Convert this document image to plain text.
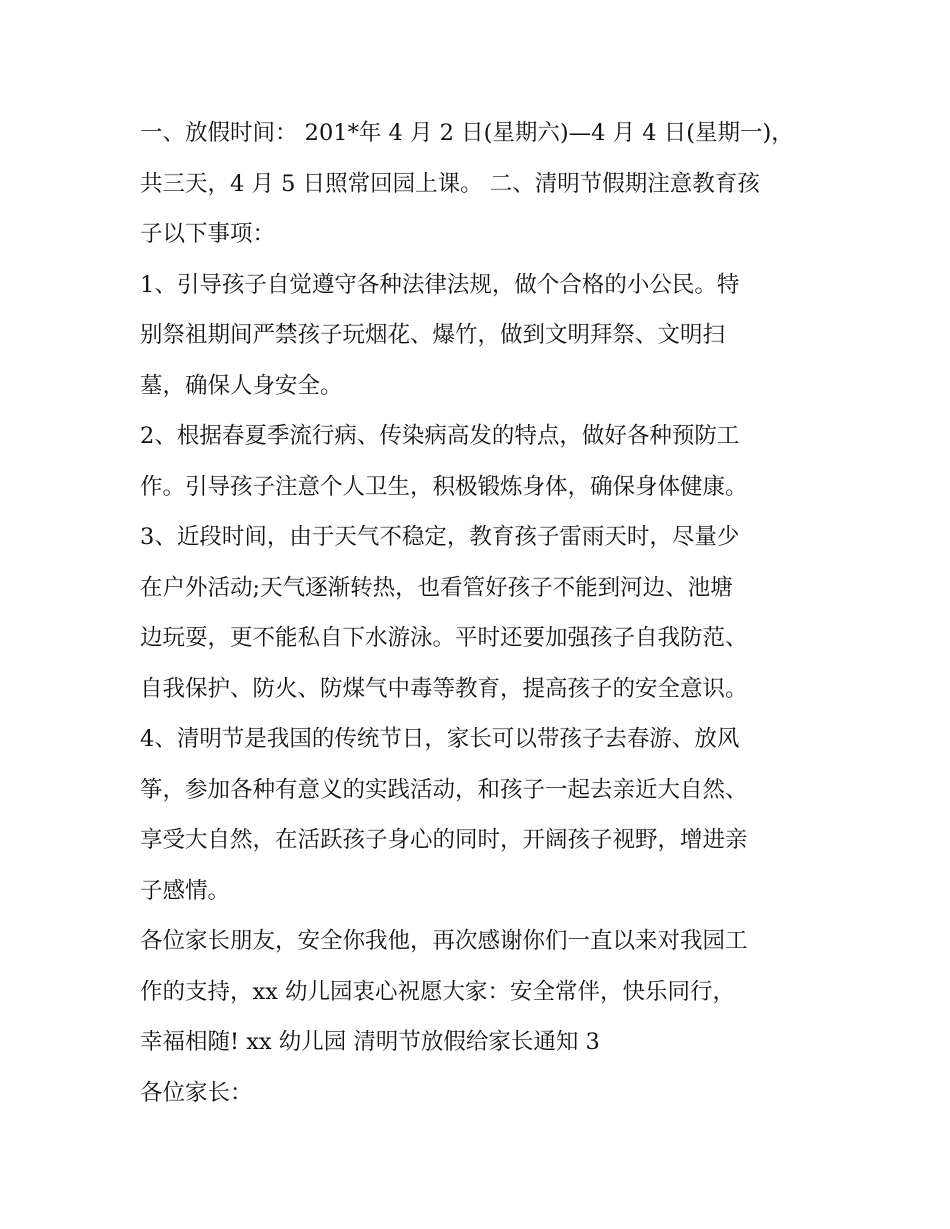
一、放假时间： 201*年 4 月 2 日(星期六)—4 月 4 日(星期一)，
共三天，4 月 5 日照常回园上课。 二、清明节假期注意教育孩
子以下事项：
1、引导孩子自觉遵守各种法律法规，做个合格的小公民。特
别祭祖期间严禁孩子玩烟花、爆竹，做到文明拜祭、文明扫
墓，确保人身安全。
2、根据春夏季流行病、传染病高发的特点，做好各种预防工
作。引导孩子注意个人卫生，积极锻炼身体，确保身体健康。
3、近段时间，由于天气不稳定，教育孩子雷雨天时，尽量少
在户外活动;天气逐渐转热，也看管好孩子不能到河边、池塘
边玩耍，更不能私自下水游泳。平时还要加强孩子自我防范、
自我保护、防火、防煤气中毒等教育，提高孩子的安全意识。
4、清明节是我国的传统节日，家长可以带孩子去春游、放风
筝，参加各种有意义的实践活动，和孩子一起去亲近大自然、
享受大自然，在活跃孩子身心的同时，开阔孩子视野，增进亲
子感情。
各位家长朋友，安全你我他，再次感谢你们一直以来对我园工
作的支持，xx 幼儿园衷心祝愿大家：安全常伴，快乐同行，
幸福相随! xx 幼儿园 清明节放假给家长通知 3
各位家长：
